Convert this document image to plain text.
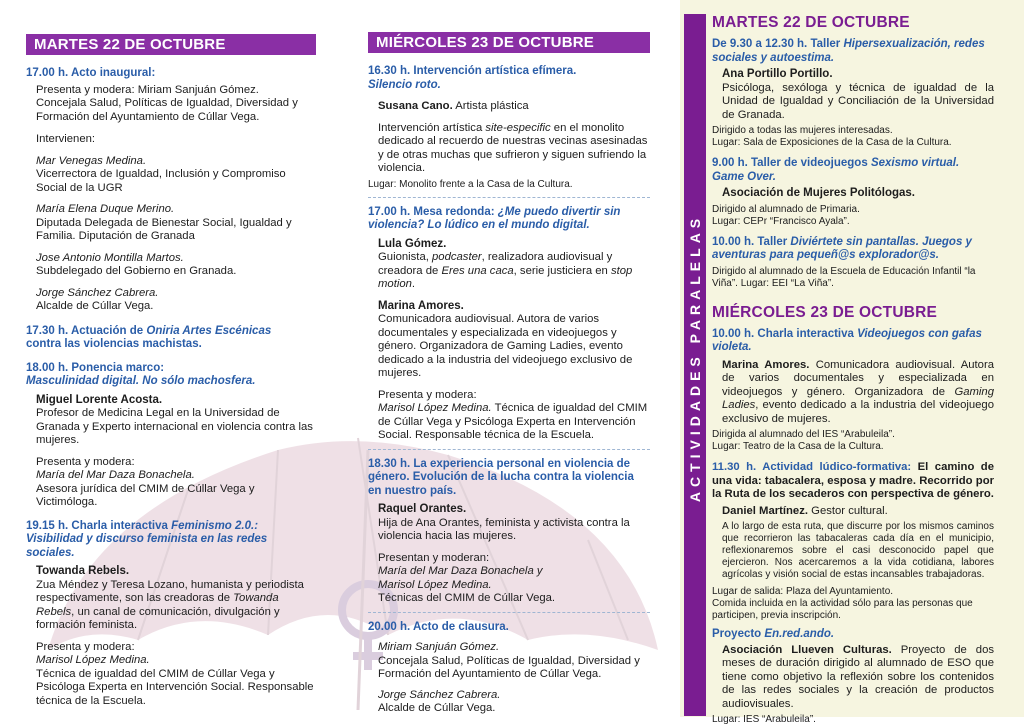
ACTIVIDADES PARALELAS
MARTES 22 DE OCTUBRE
17.00 h. Acto inaugural:
Presenta y modera: Miriam Sanjuán Gómez.
Concejala Salud, Políticas de Igualdad, Diversidad y Formación del Ayuntamiento de Cúllar Vega.
Intervienen:
Mar Venegas Medina.
Vicerrectora de Igualdad, Inclusión y Compromiso Social de la UGR
María Elena Duque Merino.
Diputada Delegada de Bienestar Social, Igualdad y Familia. Diputación de Granada
Jose Antonio Montilla Martos.
Subdelegado del Gobierno en Granada.
Jorge Sánchez Cabrera.
Alcalde de Cúllar Vega.
17.30 h. Actuación de Oniria Artes Escénicas
contra las violencias machistas.
18.00 h. Ponencia marco:
Masculinidad digital. No sólo machosfera.
Miguel Lorente Acosta.
Profesor de Medicina Legal en la Universidad de Granada y Experto internacional en violencia contra las mujeres.
Presenta y modera:
María del Mar Daza Bonachela.
Asesora jurídica del CMIM de Cúllar Vega y Victimóloga.
19.15 h. Charla interactiva Feminismo 2.0.: Visibilidad y discurso feminista en las redes sociales.
Towanda Rebels.
Zua Méndez y Teresa Lozano, humanista y periodista respectivamente, son las creadoras de Towanda Rebels, un canal de comunicación, divulgación y formación feminista.
Presenta y modera:
Marisol López Medina.
Técnica de igualdad del CMIM de Cúllar Vega y Psicóloga Experta en Intervención Social. Responsable técnica de la Escuela.
MIÉRCOLES 23 DE OCTUBRE
16.30 h. Intervención artística efímera.
Silencio roto.
Susana Cano. Artista plástica
Intervención artística site-especific en el monolito dedicado al recuerdo de nuestras vecinas asesinadas y de otras muchas que sufrieron y siguen sufriendo la violencia.
Lugar: Monolito frente a la Casa de la Cultura.
17.00 h. Mesa redonda: ¿Me puedo divertir sin violencia? Lo lúdico en el mundo digital.
Lula Gómez.
Guionista, podcaster, realizadora audiovisual y creadora de Eres una caca, serie justiciera en stop motion.
Marina Amores.
Comunicadora audiovisual. Autora de varios documentales y especializada en videojuegos y género. Organizadora de Gaming Ladies, evento dedicado a la industria del videojuego exclusivo de mujeres.
Presenta y modera:
Marisol López Medina. Técnica de igualdad del CMIM de Cúllar Vega y Psicóloga Experta en Intervención Social. Responsable técnica de la Escuela.
18.30 h. La experiencia personal en violencia de género. Evolución de la lucha contra la violencia en nuestro país.
Raquel Orantes.
Hija de Ana Orantes, feminista y activista contra la violencia hacia las mujeres.
Presentan y moderan:
María del Mar Daza Bonachela y
Marisol López Medina.
Técnicas del CMIM de Cúllar Vega.
20.00 h. Acto de clausura.
Miriam Sanjuán Gómez.
Concejala Salud, Políticas de Igualdad, Diversidad y Formación del Ayuntamiento de Cúllar Vega.
Jorge Sánchez Cabrera.
Alcalde de Cúllar Vega.
MARTES 22 DE OCTUBRE
De 9.30 a 12.30 h. Taller Hipersexualización, redes sociales y autoestima.
Ana Portillo Portillo.
Psicóloga, sexóloga y técnica de igualdad de la Unidad de Igualdad y Conciliación de la Universidad de Granada.
Dirigido a todas las mujeres interesadas.
Lugar: Sala de Exposiciones de la Casa de la Cultura.
9.00 h. Taller de videojuegos Sexismo virtual. Game Over.
Asociación de Mujeres Politólogas.
Dirigido al alumnado de Primaria.
Lugar: CEPr “Francisco Ayala”.
10.00 h. Taller Diviértete sin pantallas. Juegos y aventuras para pequeñ@s explorador@s.
Dirigido al alumnado de la Escuela de Educación Infantil “la Viña”. Lugar: EEI “La Viña”.
MIÉRCOLES 23 DE OCTUBRE
10.00 h. Charla interactiva Videojuegos con gafas violeta.
Marina Amores. Comunicadora audiovisual. Autora de varios documentales y especializada en videojuegos y género. Organizadora de Gaming Ladies, evento dedicado a la industria del videojuego exclusivo de mujeres.
Dirigida al alumnado del IES “Arabuleila”.
Lugar: Teatro de la Casa de la Cultura.
11.30 h. Actividad lúdico-formativa: El camino de una vida: tabacalera, esposa y madre. Recorrido por la Ruta de los secaderos con perspectiva de género.
Daniel Martínez. Gestor cultural.
A lo largo de esta ruta, que discurre por los mismos caminos que recorrieron las tabacaleras cada día en el municipio, reflexionaremos sobre el casi desconocido papel que ejercieron. Nos acercaremos a la vida cotidiana, labores agrícolas y visión social de estas incansables trabajadoras.
Lugar de salida: Plaza del Ayuntamiento.
Comida incluida en la actividad sólo para las personas que participen, previa inscripción.
Proyecto En.red.ando.
Asociación Llueven Culturas. Proyecto de dos meses de duración dirigido al alumnado de ESO que tiene como objetivo la reflexión sobre los contenidos de las redes sociales y la creación de productos audiovisuales.
Lugar: IES “Arabuleila”.
